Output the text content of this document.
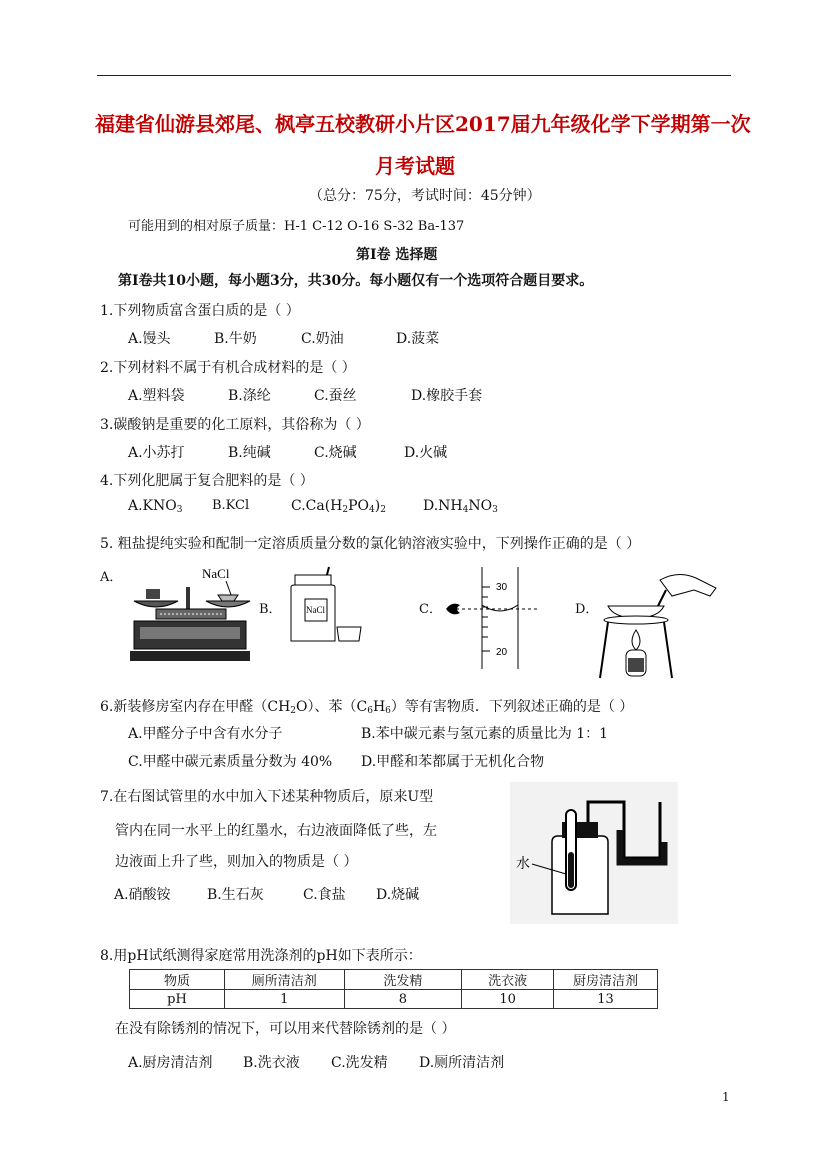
福建省仙游县郊尾、枫亭五校教研小片区2017届九年级化学下学期第一次
月考试题
（总分：75分，考试时间：45分钟）
可能用到的相对原子质量：H-1 C-12 O-16 S-32 Ba-137
第Ⅰ卷 选择题
第Ⅰ卷共10小题，每小题3分，共30分。每小题仅有一个选项符合题目要求。
1.下列物质富含蛋白质的是（ ）
A.馒头	B.牛奶	C.奶油	D.菠菜
2.下列材料不属于有机合成材料的是（ ）
A.塑料袋	B.涤纶	C.蚕丝	D.橡胶手套
3.碳酸钠是重要的化工原料，其俗称为（ ）
A.小苏打	B.纯碱	C.烧碱	D.火碱
4.下列化肥属于复合肥料的是（ ）
$A.KNO_3$ B.KCl	$C.Ca(H_2PO_4)_2$	$D.NH_4NO_3$
5. 粗盐提纯实验和配制一定溶质质量分数的氯化钠溶液实验中，下列操作正确的是（ ）
A．	NaCl
B．	NaCl	C．
30
20
D．
6.新装修房室内存在甲醛$(CH_2O)$、苯$(C_6H_6)$等有害物质．下列叙述正确的是（ ）
A.甲醛分子中含有水分子	B.苯中碳元素与氢元素的质量比为 1：1
C.甲醛中碳元素质量分数为 40% D.甲醛和苯都属于无机化合物
7.在右图试管里的水中加入下述某种物质后，原来U型
管内在同一水平上的红墨水，右边液面降低了些，左
边液面上升了些，则加入的物质是（ ）
A.硝酸铵	B.生石灰	C.食盐 D.烧碱
水
8.用pH试纸测得家庭常用洗涤剂的pH如下表所示：
物质	厕所清洁剂	洗发精	洗衣液	厨房清洁剂
pH	1	8	10	13
在没有除锈剂的情况下，可以用来代替除锈剂的是（ ）
A.厨房清洁剂 B.洗衣液 C.洗发精 D.厕所清洁剂
1
